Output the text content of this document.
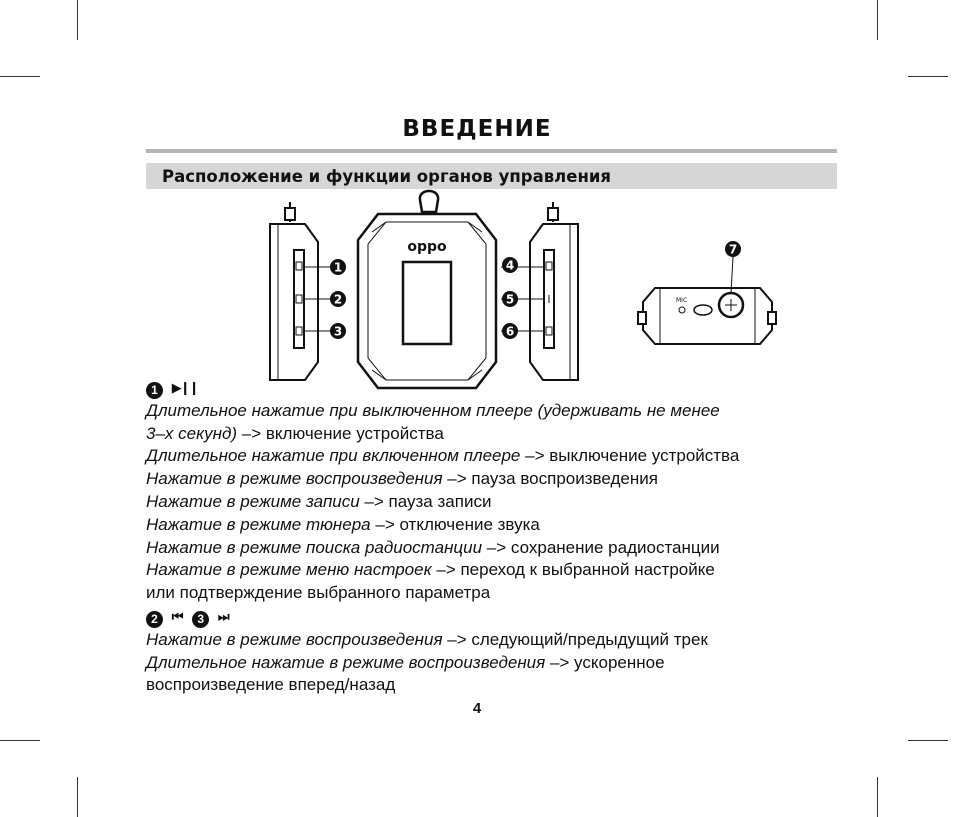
ВВЕДЕНИЕ
Расположение и функции органов управления
oppo
MIC
1
2
3
4
5
6
7
1 ▶❙❙
Длительное нажатие при выключенном плеере (удерживать не менее
3–х секунд) –> включение устройства
Длительное нажатие при включенном плеере –> выключение устройства
Нажатие в режиме воспроизведения –> пауза воспроизведения
Нажатие в режиме записи –> пауза записи
Нажатие в режиме тюнера –> отключение звука
Нажатие в режиме поиска радиостанции –> сохранение радиостанции
Нажатие в режиме меню настроек –> переход к выбранной настройке
или подтверждение выбранного параметра
2 ⏮ 3 ⏭
Нажатие в режиме воспроизведения –> следующий/предыдущий трек
Длительное нажатие в режиме воспроизведения –> ускоренное
воспроизведение вперед/назад
4
